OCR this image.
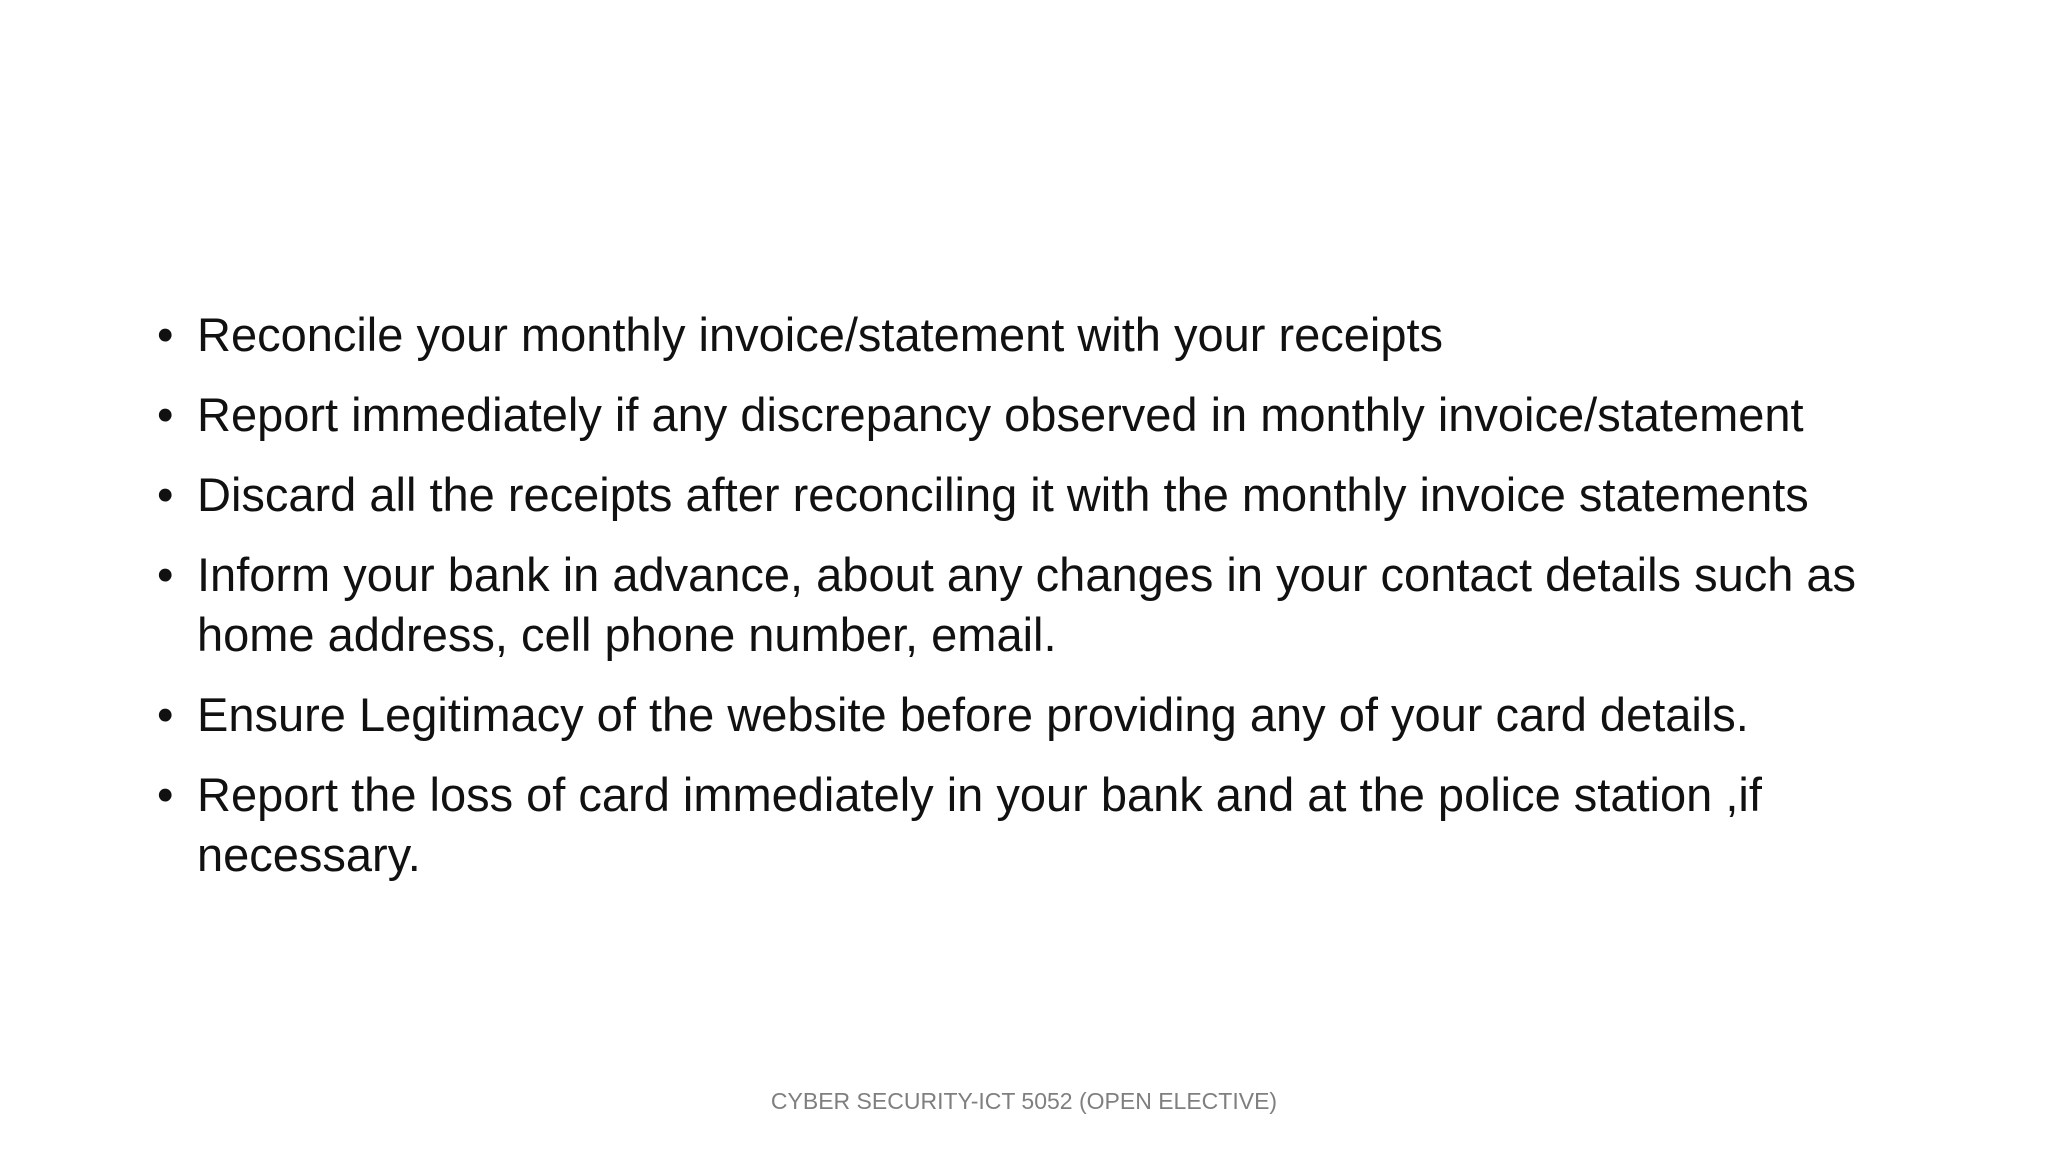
• Reconcile your monthly invoice/statement with your receipts
• Report immediately if any discrepancy observed in monthly invoice/statement
• Discard all the receipts after reconciling it with the monthly invoice statements
• Inform your bank in advance, about any changes in your contact details such as home address, cell phone number, email.
• Ensure Legitimacy of the website before providing any of your card details.
• Report the loss of card immediately in your bank and at the police station ,if necessary.
CYBER SECURITY-ICT 5052 (OPEN ELECTIVE)
